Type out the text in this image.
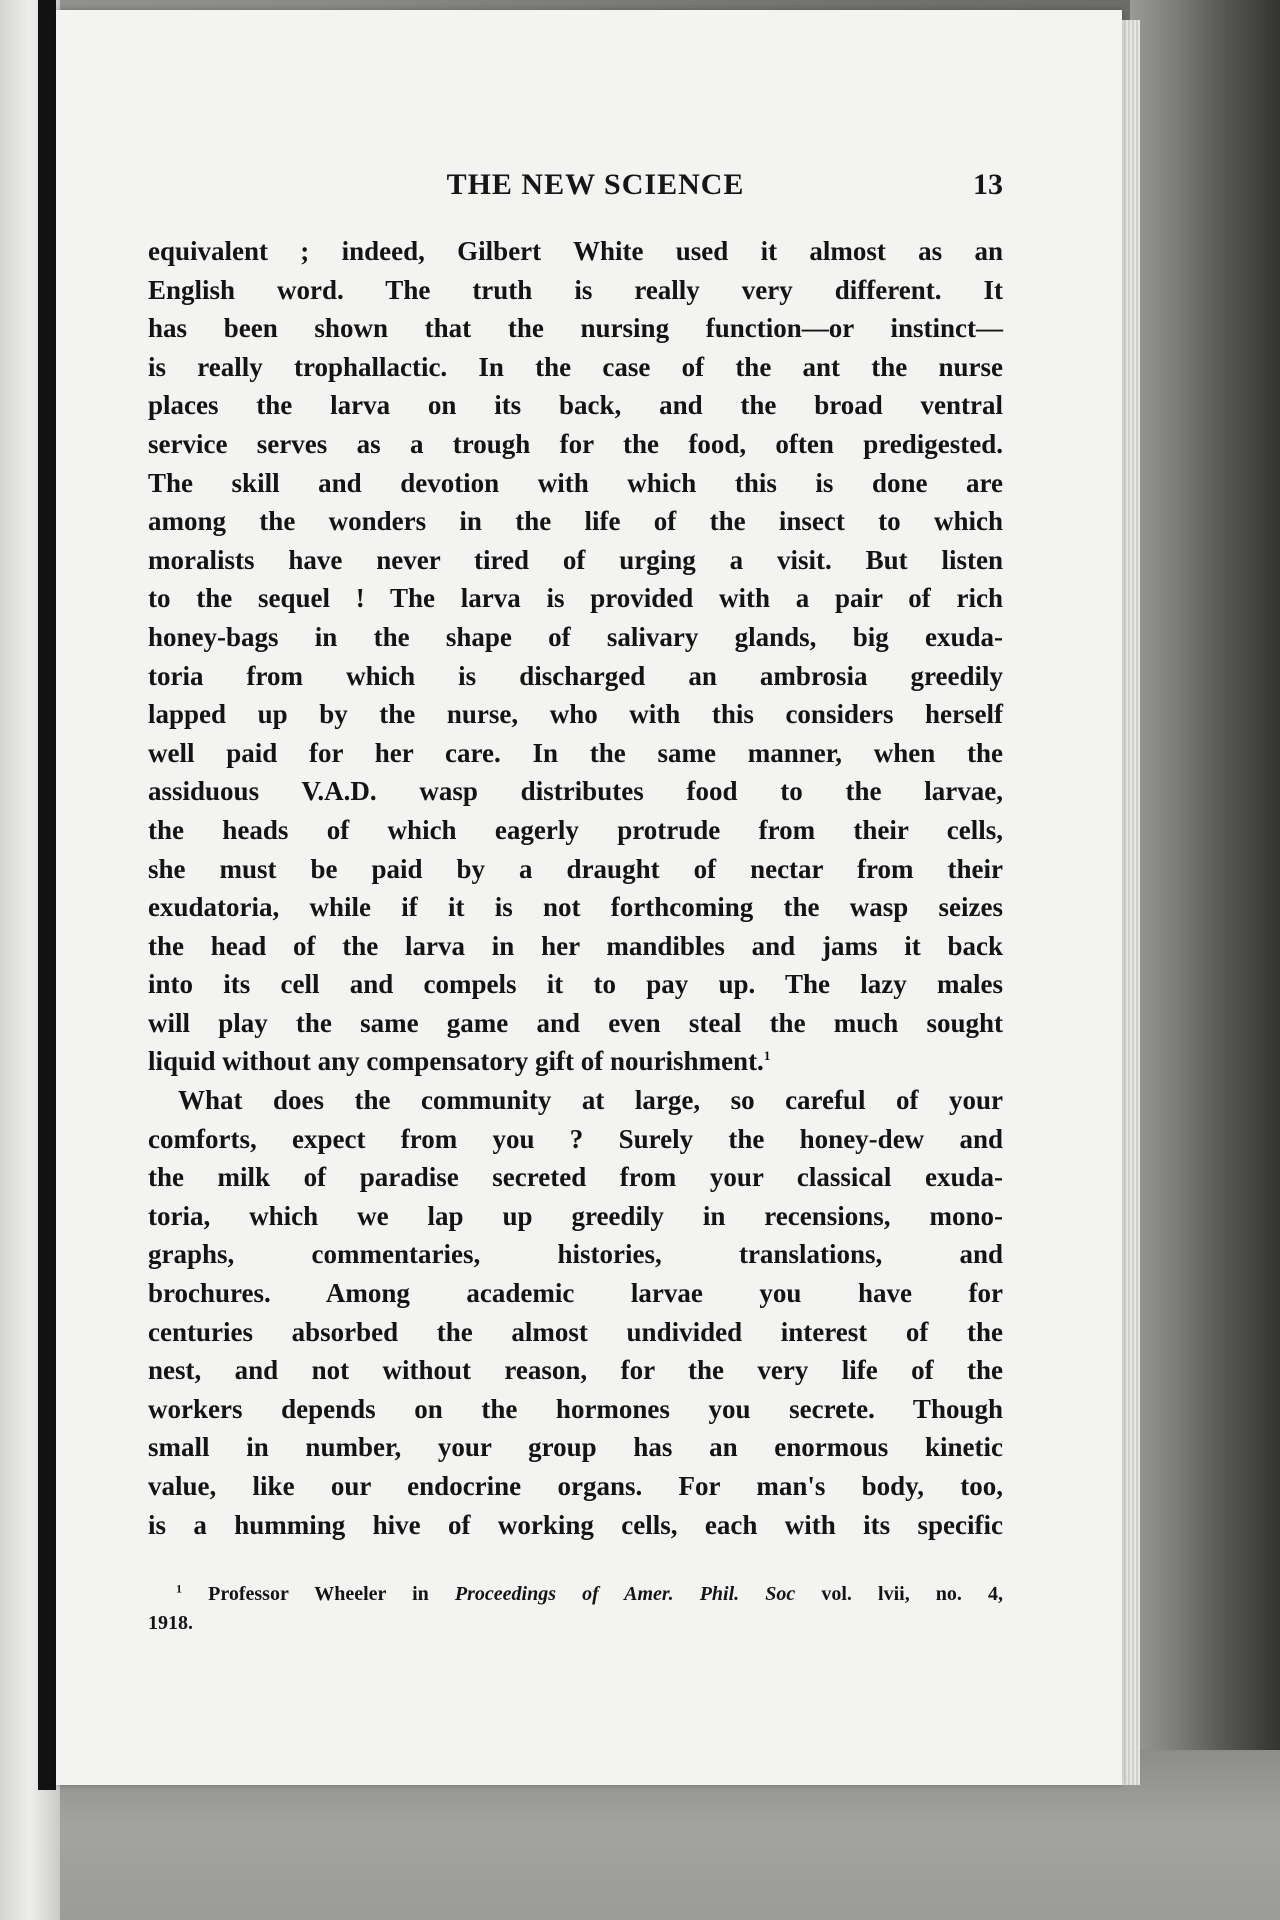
THE NEW SCIENCE	13
equivalent ; indeed, Gilbert White used it almost as an
English word. The truth is really very different. It
has been shown that the nursing function—or instinct—
is really trophallactic. In the case of the ant the nurse
places the larva on its back, and the broad ventral
service serves as a trough for the food, often predigested.
The skill and devotion with which this is done are
among the wonders in the life of the insect to which
moralists have never tired of urging a visit. But listen
to the sequel ! The larva is provided with a pair of rich
honey-bags in the shape of salivary glands, big exuda-
toria from which is discharged an ambrosia greedily
lapped up by the nurse, who with this considers herself
well paid for her care. In the same manner, when the
assiduous V.A.D. wasp distributes food to the larvae,
the heads of which eagerly protrude from their cells,
she must be paid by a draught of nectar from their
exudatoria, while if it is not forthcoming the wasp seizes
the head of the larva in her mandibles and jams it back
into its cell and compels it to pay up. The lazy males
will play the same game and even steal the much sought
liquid without any compensatory gift of nourishment.$^1$
What does the community at large, so careful of your
comforts, expect from you ? Surely the honey-dew and
the milk of paradise secreted from your classical exuda-
toria, which we lap up greedily in recensions, mono-
graphs, commentaries, histories, translations, and
brochures. Among academic larvae you have for
centuries absorbed the almost undivided interest of the
nest, and not without reason, for the very life of the
workers depends on the hormones you secrete. Though
small in number, your group has an enormous kinetic
value, like our endocrine organs. For man's body, too,
is a humming hive of working cells, each with its specific
$^1$ Professor Wheeler in Proceedings of Amer. Phil. Soc vol. lvii, no. 4,
1918.
